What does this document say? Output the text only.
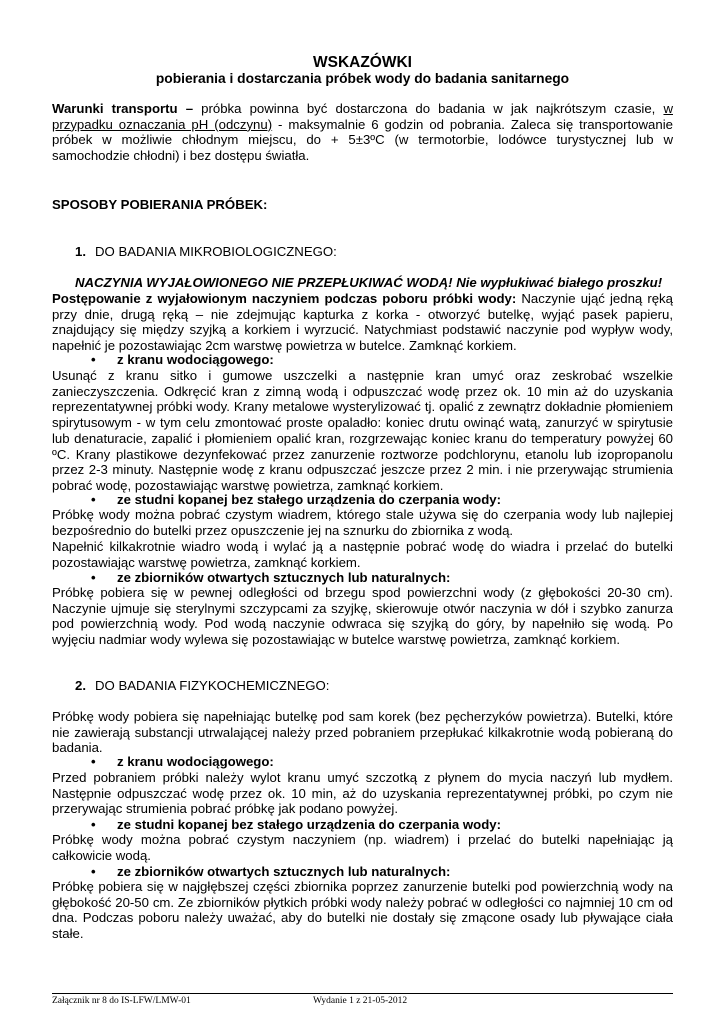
WSKAZÓWKI
pobierania i dostarczania próbek wody do badania sanitarnego
Warunki transportu – próbka powinna być dostarczona do badania w jak najkrótszym czasie, w przypadku oznaczania pH (odczynu) - maksymalnie 6 godzin od pobrania. Zaleca się transportowanie próbek w możliwie chłodnym miejscu, do + 5±3ºC (w termotorbie, lodówce turystycznej lub w samochodzie chłodni) i bez dostępu światła.
SPOSOBY POBIERANIA PRÓBEK:
1. DO BADANIA MIKROBIOLOGICZNEGO:
NACZYNIA WYJAŁOWIONEGO NIE PRZEPŁUKIWAĆ WODĄ! Nie wypłukiwać białego proszku!
Postępowanie z wyjałowionym naczyniem podczas poboru próbki wody: Naczynie ująć jedną ręką przy dnie, drugą ręką – nie zdejmując kapturka z korka - otworzyć butelkę, wyjąć pasek papieru, znajdujący się między szyjką a korkiem i wyrzucić. Natychmiast podstawić naczynie pod wypływ wody, napełnić je pozostawiając 2cm warstwę powietrza w butelce. Zamknąć korkiem.
• z kranu wodociągowego:
Usunąć z kranu sitko i gumowe uszczelki a następnie kran umyć oraz zeskrobać wszelkie zanieczyszczenia. Odkręcić kran z zimną wodą i odpuszczać wodę przez ok. 10 min aż do uzyskania reprezentatywnej próbki wody. Krany metalowe wysterylizować tj. opalić z zewnątrz dokładnie płomieniem spirytusowym - w tym celu zmontować proste opaladło: koniec drutu owinąć watą, zanurzyć w spirytusie lub denaturacie, zapalić i płomieniem opalić kran, rozgrzewając koniec kranu do temperatury powyżej 60 ºC. Krany plastikowe dezynfekować przez zanurzenie roztworze podchlorynu, etanolu lub izopropanolu przez 2-3 minuty. Następnie wodę z kranu odpuszczać jeszcze przez 2 min. i nie przerywając strumienia pobrać wodę, pozostawiając warstwę powietrza, zamknąć korkiem.
• ze studni kopanej bez stałego urządzenia do czerpania wody:
Próbkę wody można pobrać czystym wiadrem, którego stale używa się do czerpania wody lub najlepiej bezpośrednio do butelki przez opuszczenie jej na sznurku do zbiornika z wodą.
Napełnić kilkakrotnie wiadro wodą i wylać ją a następnie pobrać wodę do wiadra i przelać do butelki pozostawiając warstwę powietrza, zamknąć korkiem.
• ze zbiorników otwartych sztucznych lub naturalnych:
Próbkę pobiera się w pewnej odległości od brzegu spod powierzchni wody (z głębokości 20-30 cm). Naczynie ujmuje się sterylnymi szczypcami za szyjkę, skierowuje otwór naczynia w dół i szybko zanurza pod powierzchnią wody. Pod wodą naczynie odwraca się szyjką do góry, by napełniło się wodą. Po wyjęciu nadmiar wody wylewa się pozostawiając w butelce warstwę powietrza, zamknąć korkiem.
2. DO BADANIA FIZYKOCHEMICZNEGO:
Próbkę wody pobiera się napełniając butelkę pod sam korek (bez pęcherzyków powietrza). Butelki, które nie zawierają substancji utrwalającej należy przed pobraniem przepłukać kilkakrotnie wodą pobieraną do badania.
• z kranu wodociągowego:
Przed pobraniem próbki należy wylot kranu umyć szczotką z płynem do mycia naczyń lub mydłem. Następnie odpuszczać wodę przez ok. 10 min, aż do uzyskania reprezentatywnej próbki, po czym nie przerywając strumienia pobrać próbkę jak podano powyżej.
• ze studni kopanej bez stałego urządzenia do czerpania wody:
Próbkę wody można pobrać czystym naczyniem (np. wiadrem) i przelać do butelki napełniając ją całkowicie wodą.
• ze zbiorników otwartych sztucznych lub naturalnych:
Próbkę pobiera się w najgłębszej części zbiornika poprzez zanurzenie butelki pod powierzchnią wody na głębokość 20-50 cm. Ze zbiorników płytkich próbki wody należy pobrać w odległości co najmniej 10 cm od dna. Podczas poboru należy uważać, aby do butelki nie dostały się zmącone osady lub pływające ciała stałe.
Załącznik nr 8 do IS-LFW/LMW-01	Wydanie 1 z 21-05-2012
